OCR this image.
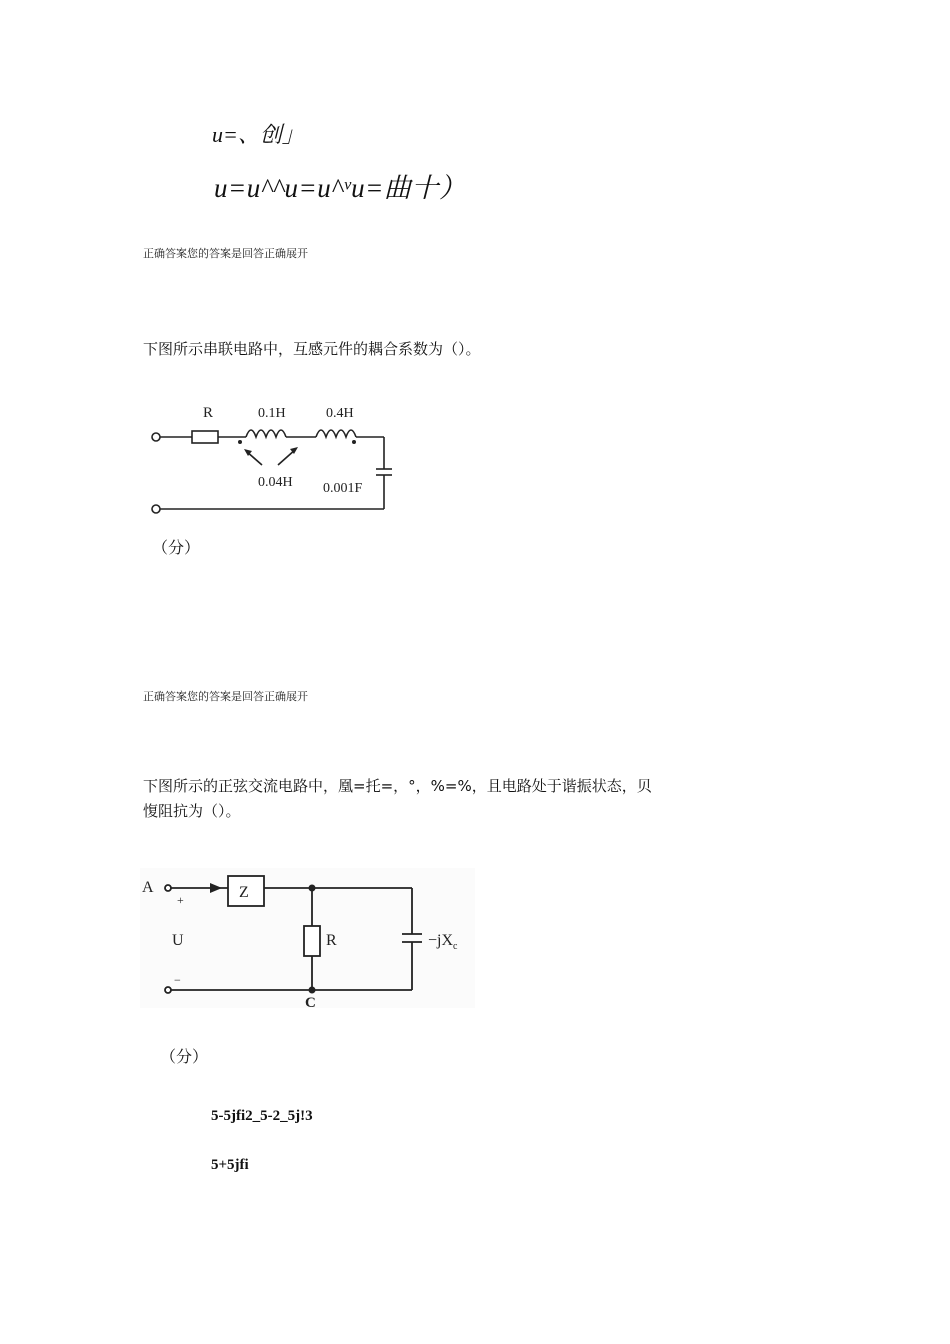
u=、创」
u=u^^u=u^ᵛu=曲十）
正确答案您的答案是回答正确展开
下图所示串联电路中，互感元件的耦合系数为（）。
R	0.1H	0.4H
0.04H 0.001F
（分）
正确答案您的答案是回答正确展开
下图所示的正弦交流电路中，凰=托=，°，%=%，且电路处于谐振状态，贝
愎阻抗为（）。
A
+
U
−
Z
R	$-jX_c$
C
（分）
5-5jfi2_5-2_5j!3
5+5jfi
